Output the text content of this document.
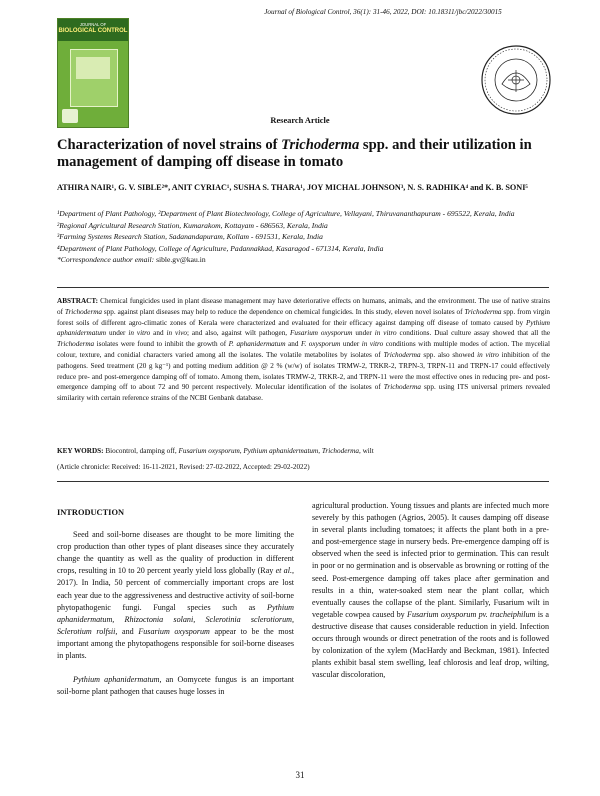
Journal of Biological Control, 36(1): 31-46, 2022, DOI: 10.18311/jbc/2022/30015
JOURNAL OF
BIOLOGICAL CONTROL
Research Article
Characterization of novel strains of Trichoderma spp. and their utilization in management of damping off disease in tomato
ATHIRA NAIR¹, G. V. SIBLE²*, ANIT CYRIAC¹, SUSHA S. THARA¹, JOY MICHAL JOHNSON³, N. S. RADHIKA⁴ and K. B. SONI⁵
¹Department of Plant Pathology, ²Department of Plant Biotechnology, College of Agriculture, Vellayani, Thiruvananthapuram - 695522, Kerala, India
²Regional Agricultural Research Station, Kumarakom, Kottayam - 686563, Kerala, India
³Farming Systems Research Station, Sadanandapuram, Kollam - 691531, Kerala, India
⁴Department of Plant Pathology, College of Agriculture, Padannakkad, Kasaragod - 671314, Kerala, India
*Correspondence author email: sible.gv@kau.in
ABSTRACT: Chemical fungicides used in plant disease management may have deteriorative effects on humans, animals, and the environment. The use of native strains of Trichoderma spp. against plant diseases may help to reduce the dependence on chemical fungicides. In this study, eleven novel isolates of Trichoderma spp. from virgin forest soils of different agro-climatic zones of Kerala were characterized and evaluated for their efficacy against damping off disease of tomato caused by Pythium aphanidermatum under in vitro and in vivo; and also, against wilt pathogen, Fusarium oxysporum under in vitro conditions. Dual culture assay showed that all the Trichoderma isolates were found to inhibit the growth of P. aphanidermatum and F. oxysporum under in vitro conditions with multiple modes of action. The mycelial colour, texture, and conidial characters varied among all the isolates. The volatile metabolites by isolates of Trichoderma spp. also showed in vitro inhibition of the pathogens. Seed treatment (20 g kg⁻¹) and potting medium addition @ 2 % (w/w) of isolates TRMW-2, TRKR-2, TRPN-3, TRPN-11 and TRPN-17 could effectively reduce pre- and post-emergence damping off of tomato. Among them, isolates TRMW-2, TRKR-2, and TRPN-11 were the most effective ones in reducing pre- and post-emergence damping off to about 72 and 90 percent respectively. Molecular identification of the isolates of Trichoderma spp. using ITS universal primers revealed similarity with certain reference strains of the NCBI Genbank database.
KEY WORDS: Biocontrol, damping off, Fusarium oxysporum, Pythium aphanidermatum, Trichoderma, wilt
(Article chronicle: Received: 16-11-2021, Revised: 27-02-2022, Accepted: 29-02-2022)
INTRODUCTION

Seed and soil-borne diseases are thought to be more limiting the crop production than other types of plant diseases since they accurately change the quantity as well as the quality of production in different crops, resulting in 10 to 20 percent yearly yield loss globally (Ray et al., 2017). In India, 50 percent of commercially important crops are lost each year due to the aggressiveness and destructive activity of soil-borne phytopathogenic fungi. Fungal species such as Pythium aphanidermatum, Rhizoctonia solani, Sclerotinia sclerotiorum, Sclerotium rolfsii, and Fusarium oxysporum appear to be the most important among the phytopathogens responsible for soil-borne diseases in plants.

Pythium aphanidermatum, an Oomycete fungus is an important soil-borne plant pathogen that causes huge losses in

agricultural production. Young tissues and plants are infected much more severely by this pathogen (Agrios, 2005). It causes damping off disease in several plants including tomatoes; it affects the plant both in a pre- and post-emergence stage in nursery beds. Pre-emergence damping off is observed when the seed is infected prior to germination. This can result in poor or no germination and is observable as browning or rotting of the seed. Post-emergence damping off takes place after germination and results in a thin, water-soaked stem near the plant collar, which eventually causes the collapse of the plant. Similarly, Fusarium wilt in vegetable cowpea caused by Fusarium oxysporum pv. tracheiphilum is a destructive disease that causes considerable reduction in yield. Infection occurs through wounds or direct penetration of the roots and is followed by colonization of the xylem (MacHardy and Beckman, 1981). Infected plants exhibit basal stem swelling, leaf chlorosis and leaf drop, wilting, vascular discoloration,

31
